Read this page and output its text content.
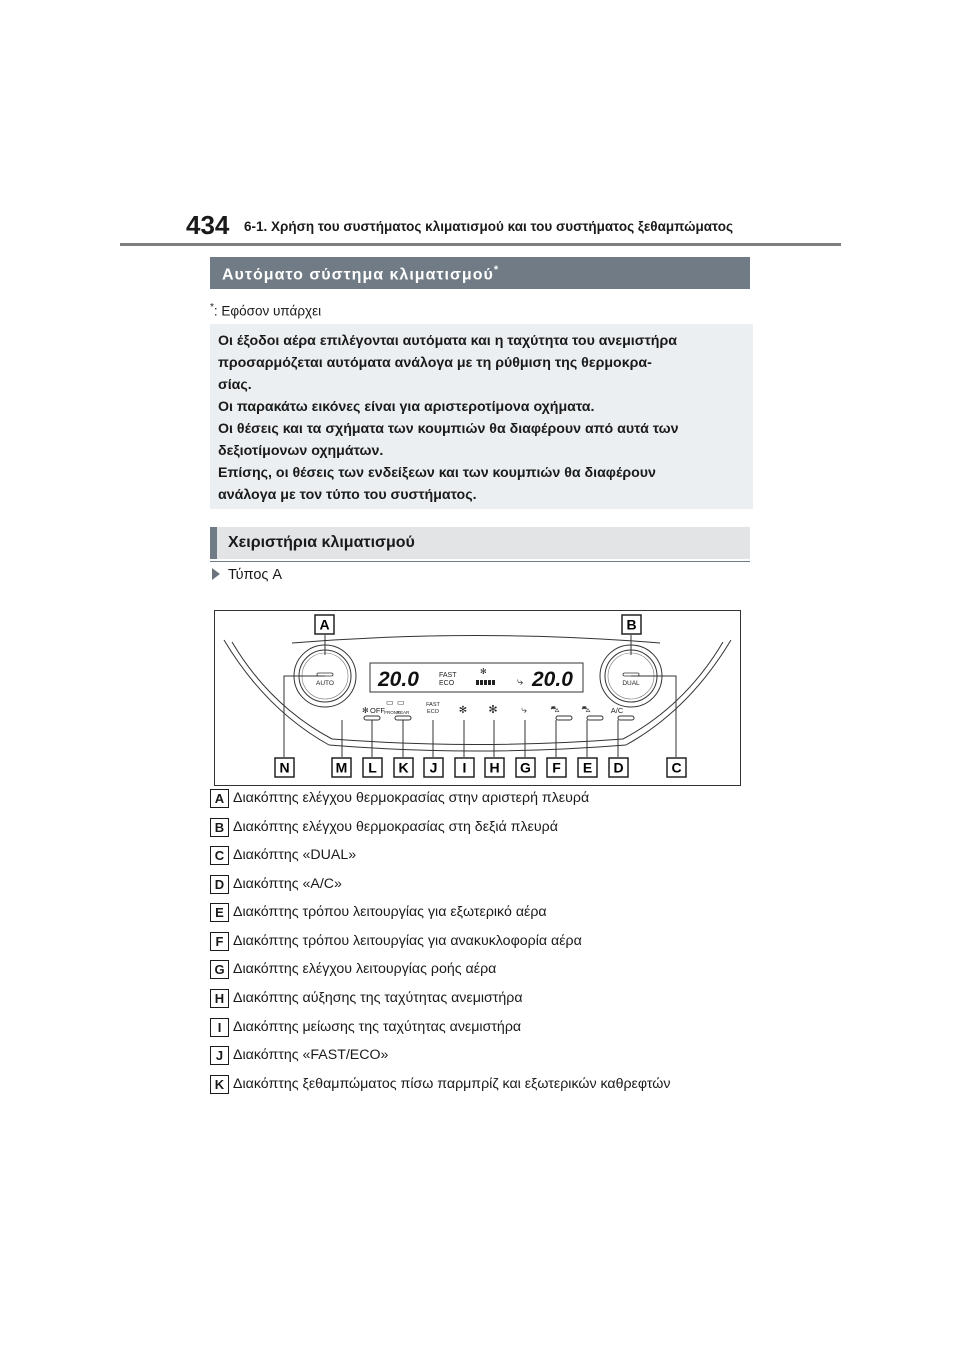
434 6-1. Χρήση του συστήματος κλιματισμού και του συστήματος ξεθαμπώματος
Αυτόματο σύστημα κλιματισμού*
*: Εφόσον υπάρχει
Οι έξοδοι αέρα επιλέγονται αυτόματα και η ταχύτητα του ανεμιστήρα
προσαρμόζεται αυτόματα ανάλογα με τη ρύθμιση της θερμοκρα-
σίας.
Οι παρακάτω εικόνες είναι για αριστεροτίμονα οχήματα.
Οι θέσεις και τα σχήματα των κουμπιών θα διαφέρουν από αυτά των
δεξιοτίμονων οχημάτων.
Επίσης, οι θέσεις των ενδείξεων και των κουμπιών θα διαφέρουν
ανάλογα με τον τύπο του συστήματος.
Χειριστήρια κλιματισμού
Τύπος A
AUTO	DUAL
20.0	FAST
ECO
✻
⤷ 20.0
✻ OFF
▭
FRONT
▭
REAR
FAST
ECO ✻ ✻ ⤷	⛍ ⛍	A/C
A	B
N	M L K J I H G F E D	C
A Διακόπτης ελέγχου θερμοκρασίας στην αριστερή πλευρά
B Διακόπτης ελέγχου θερμοκρασίας στη δεξιά πλευρά
C Διακόπτης «DUAL»
D Διακόπτης «A/C»
E Διακόπτης τρόπου λειτουργίας για εξωτερικό αέρα
F Διακόπτης τρόπου λειτουργίας για ανακυκλοφορία αέρα
G Διακόπτης ελέγχου λειτουργίας ροής αέρα
H Διακόπτης αύξησης της ταχύτητας ανεμιστήρα
I Διακόπτης μείωσης της ταχύτητας ανεμιστήρα
J Διακόπτης «FAST/ECO»
K Διακόπτης ξεθαμπώματος πίσω παρμπρίζ και εξωτερικών καθρεφτών
